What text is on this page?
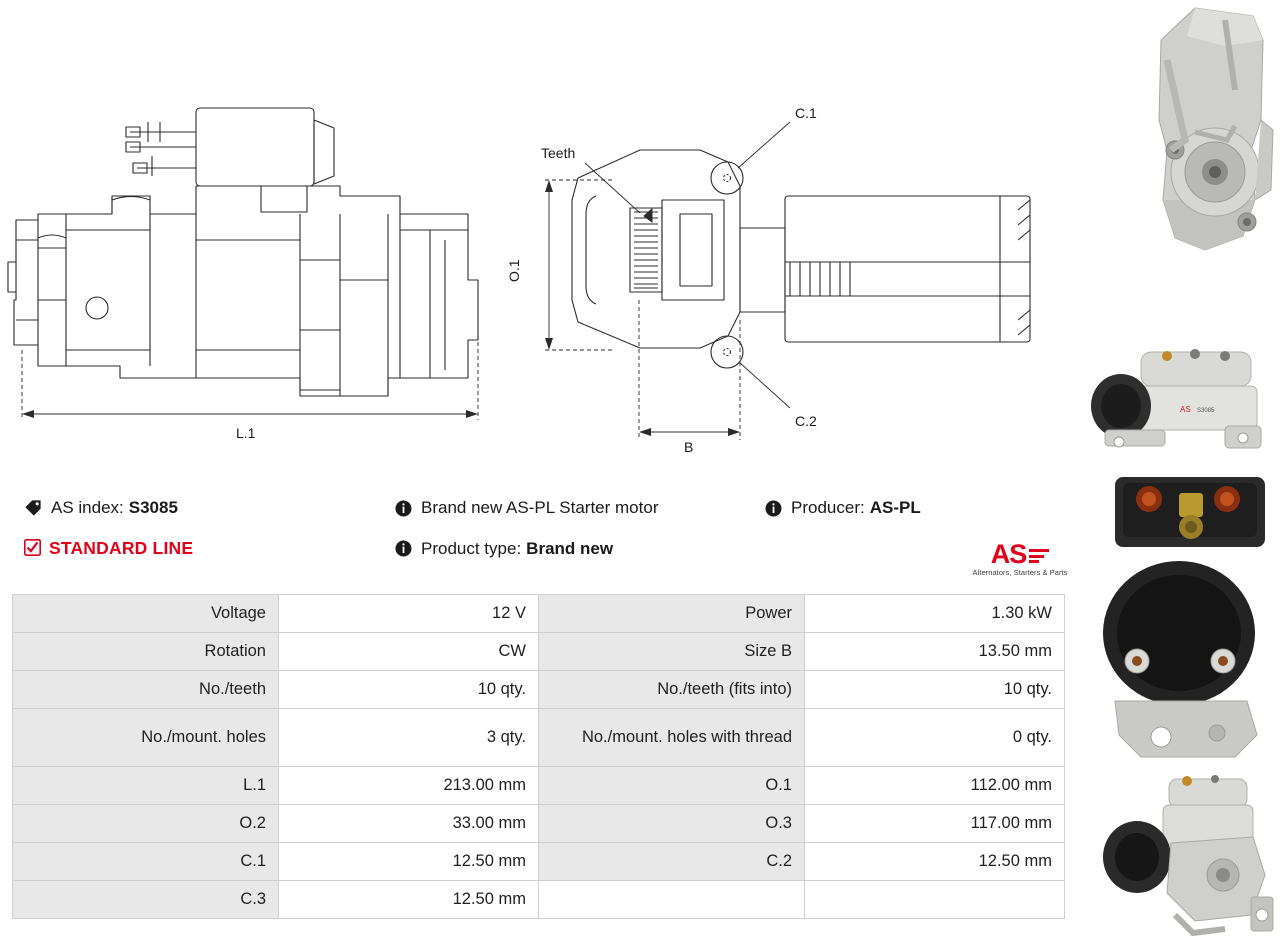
L.1
O.1
B
C.1
C.2
Teeth
AS S3085
AS index: S3085	Brand new AS-PL Starter motor	Producer: AS-PL
STANDARD LINE	Product type: Brand new	AS
Alternators, Starters & Parts
Voltage	12 V	Power	1.30 kW
Rotation	CW	Size B	13.50 mm
No./teeth	10 qty.	No./teeth (fits into)	10 qty.
No./mount. holes	3 qty.	No./mount. holes with thread	0 qty.
L.1	213.00 mm	O.1	112.00 mm
O.2	33.00 mm	O.3	117.00 mm
C.1	12.50 mm	C.2	12.50 mm
C.3	12.50 mm		
